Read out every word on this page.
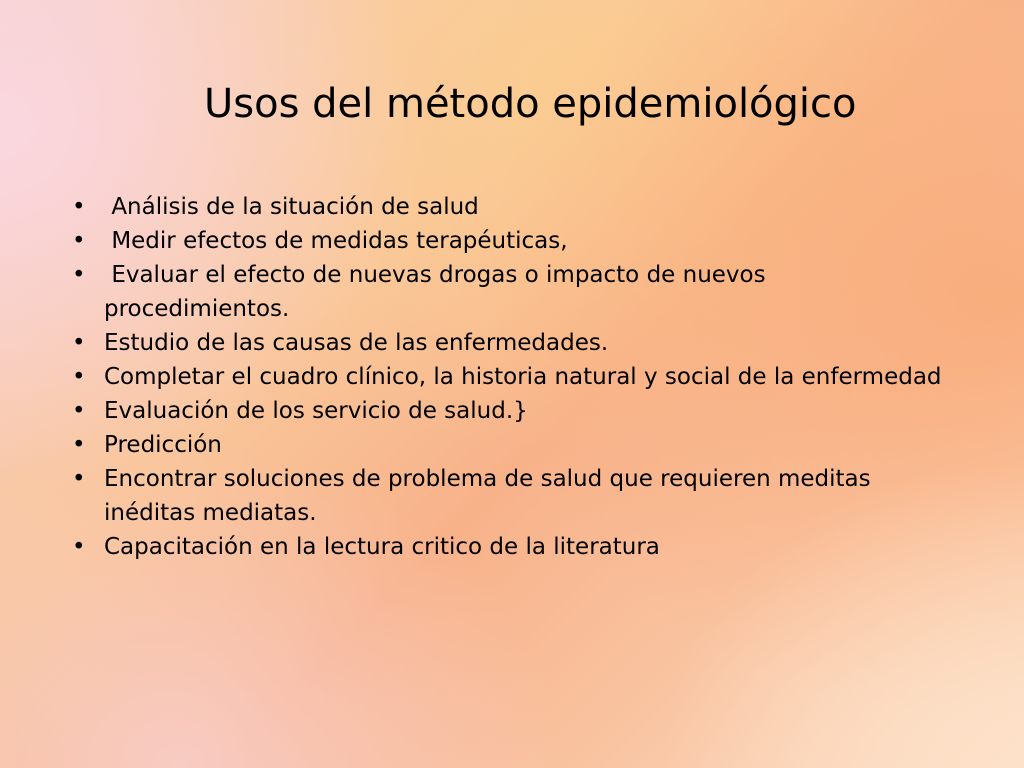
Usos del método epidemiológico
• Análisis de la situación de salud
• Medir efectos de medidas terapéuticas,
• Evaluar el efecto de nuevas drogas o impacto de nuevos procedimientos.
• Estudio de las causas de las enfermedades.
• Completar el cuadro clínico, la historia natural y social de la enfermedad
• Evaluación de los servicio de salud.}
• Predicción
• Encontrar soluciones de problema de salud que requieren meditas inéditas mediatas.
• Capacitación en la lectura critico de la literatura
